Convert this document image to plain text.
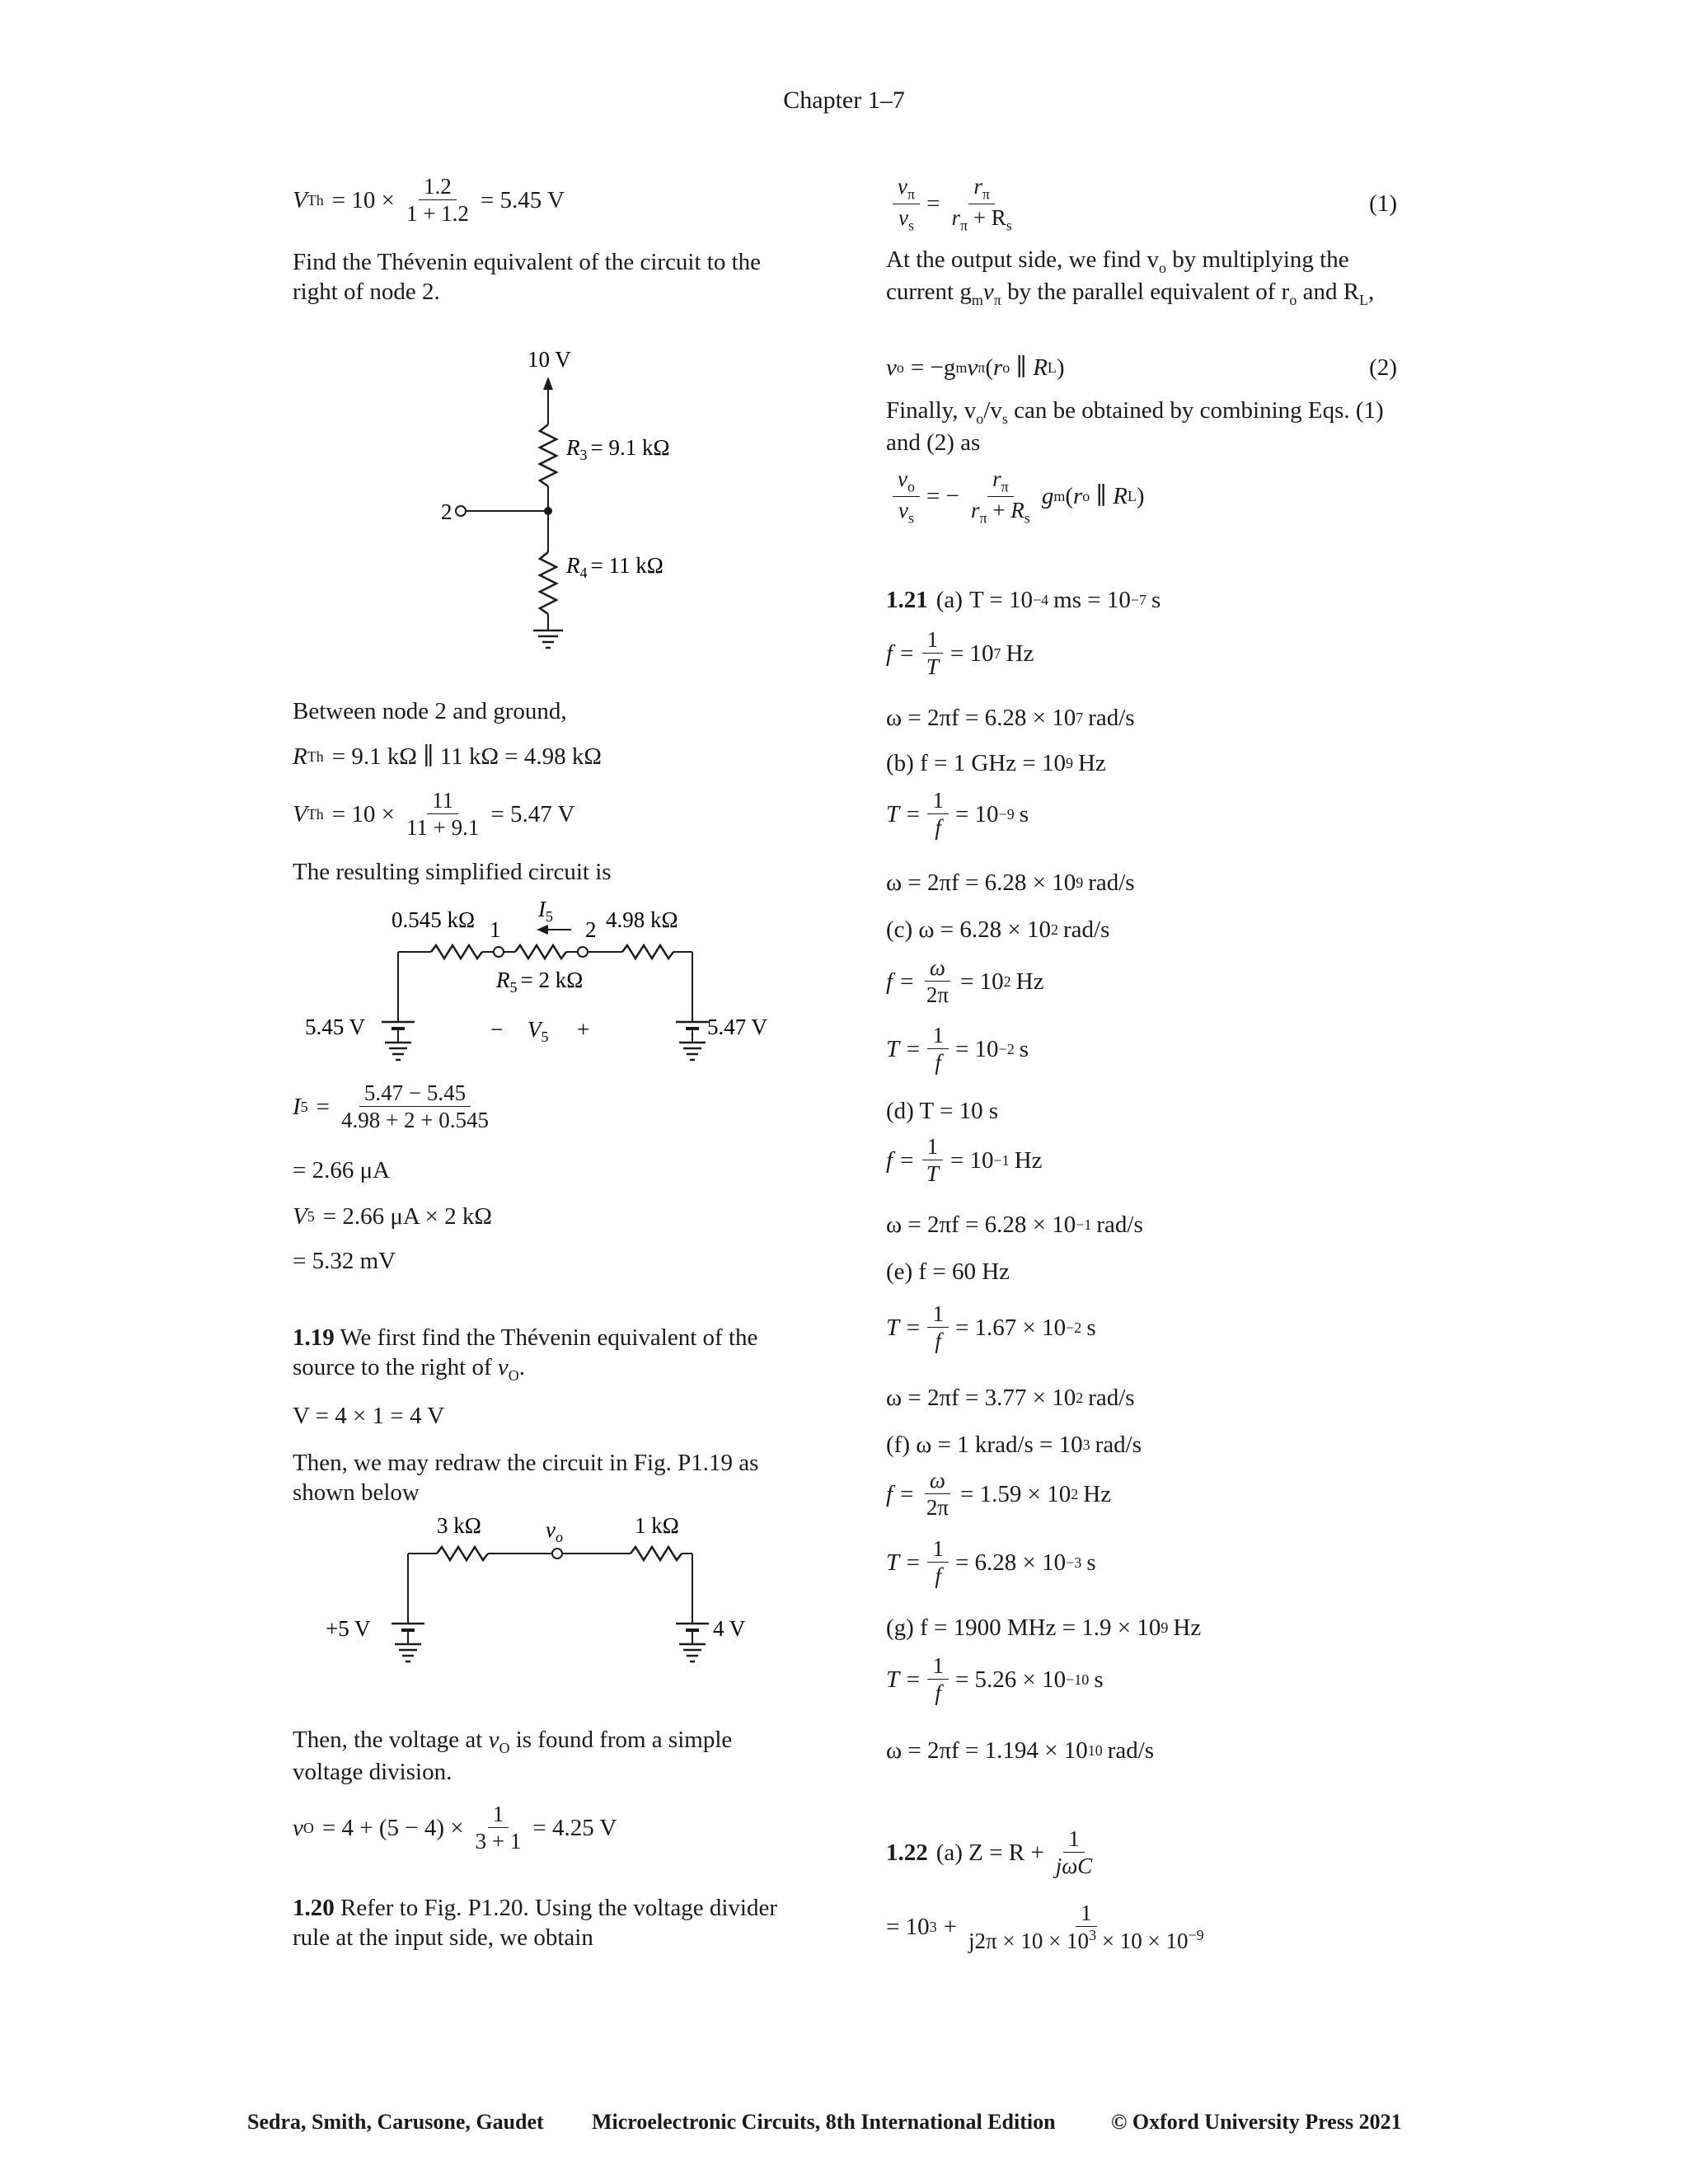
Chapter 1–7
V $Th = 10 \times \frac{1.2}{1 + 1.2} = 5.45$ V
Find the Thévenin equivalent of the circuit to the right of node 2.
10 V
2
$R_3 = 9.1$ kΩ
$R_4 = 11$ kΩ
Between node 2 and ground,
R Th = 9.1 kΩ ∥ 11 kΩ = 4.98 kΩ
V $Th = 10 \times \frac{11}{11 + 9.1} = 5.47$ V
The resulting simplified circuit is
0.545 kΩ 1
$I_5$
2 4.98 kΩ
$R_5 = 2$ kΩ
− $V_5$ +
5.45 V	5.47 V
I $5 = \frac{5.47 - 5.45}{4.98 + 2 + 0.545}$
= 2.66 μA
V 5 = 2.66 μA × 2 kΩ
= 5.32 mV
1.19 We first find the Thévenin equivalent of the source to the right of $v_O$.
V = 4 × 1 = 4 V
Then, we may redraw the circuit in Fig. P1.19 as shown below
3 kΩ	$v_o$	1 kΩ
+5 V	4 V
Then, the voltage at $v_O$ is found from a simple voltage division.
v $O = 4 + (5 - 4) \times \frac{1}{3 + 1} = 4.25$ V
1.20 Refer to Fig. P1.20. Using the voltage divider rule at the input side, we obtain
$\frac{v_\pi}{v_s} = \frac{r_\pi}{r_\pi + R_s}$	(1)
At the output side, we find $v_o$ by multiplying the current $g_mv_\pi$ by the parallel equivalent of $r_o$ and $R_L$,
v o = −g m v π ( r o ∥ R L )	(2)
Finally, $v_o/v_s$ can be obtained by combining Eqs. (1) and (2) as
$\frac{v_o}{v_s}$ = − $\frac{r_\pi}{r_\pi + R_s}$ g m ( r o ∥ R L )
1.21 (a) T = 10 −4 ms = 10 −7 s
$f = \frac{1}{T} = 10$ 7 Hz
ω = 2πf = 6.28 × 10 7 rad/s
(b) f = 1 GHz = 10 9 Hz
$T = \frac{1}{f} = 10 -9$ s
ω = 2πf = 6.28 × 10 9 rad/s
(c) ω = 6.28 × 10 2 rad/s
$f = \frac{\omega}{2\pi} = 10$ 2 Hz
$T = \frac{1}{f} = 10 -2$ s
(d) T = 10 s
$f = \frac{1}{T} = 10 -1$ Hz
ω = 2πf = 6.28 × 10 −1 rad/s
(e) f = 60 Hz
$T = \frac{1}{f} = 1.67 \times 10 -2$ s
ω = 2πf = 3.77 × 10 2 rad/s
(f) ω = 1 krad/s = 10 3 rad/s
$f = \frac{\omega}{2\pi} = 1.59 \times 10$ 2 Hz
$T = \frac{1}{f} = 6.28 \times 10 -3$ s
(g) f = 1900 MHz = 1.9 × 10 9 Hz
$T = \frac{1}{f} = 5.26 \times 10 -10$ s
ω = 2πf = 1.194 × 10 10 rad/s
1.22 (a) $Z = R + \frac{1}{\text{jωC}}$
= 10 $3 + \frac{1}{j2\pi \times 10 \times 10^3 \times 10 \times 10^{-9}}$
Sedra, Smith, Carusone, Gaudet Microelectronic Circuits, 8th International Edition	© Oxford University Press 2021
